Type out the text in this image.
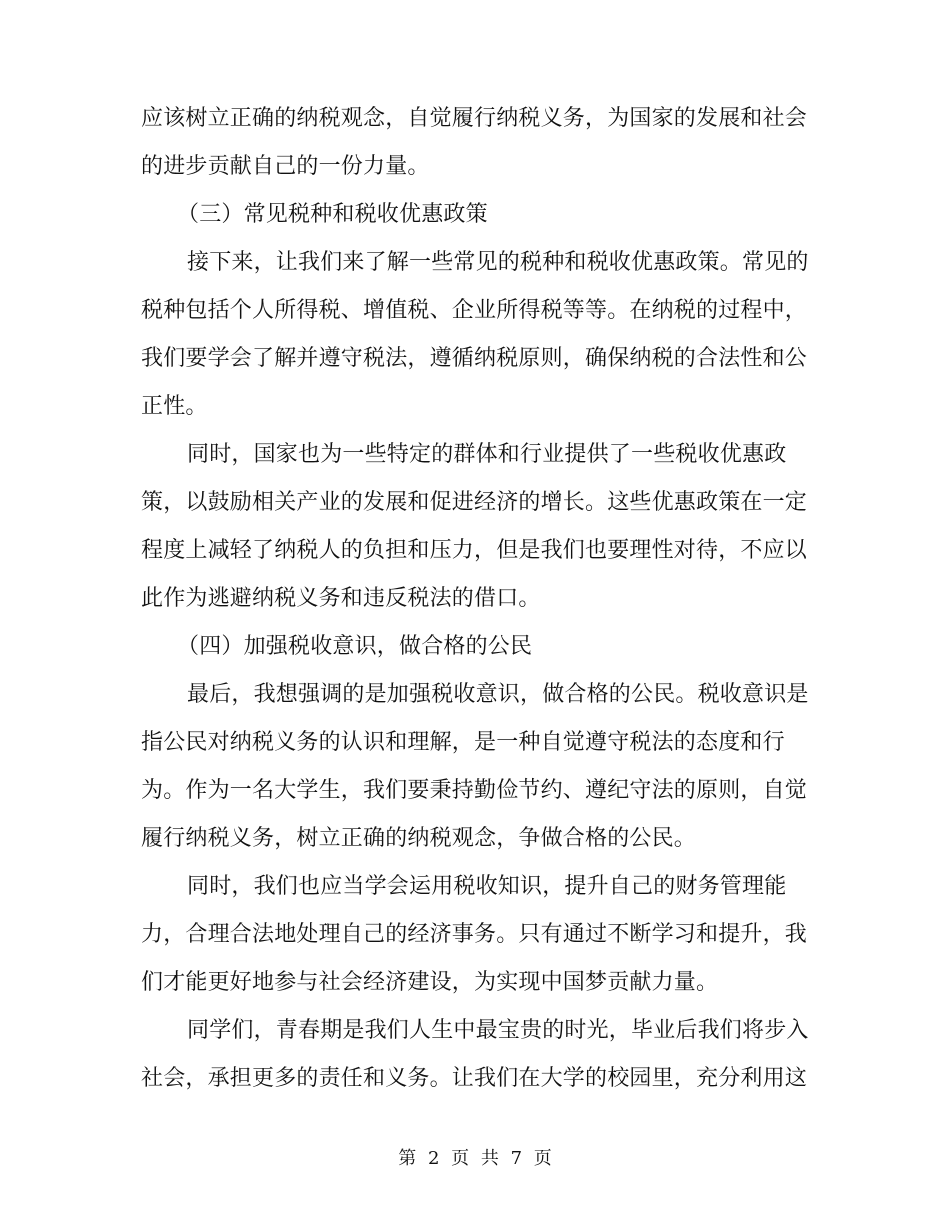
应该树立正确的纳税观念，自觉履行纳税义务，为国家的发展和社会
的进步贡献自己的一份力量。
（三）常见税种和税收优惠政策
接下来，让我们来了解一些常见的税种和税收优惠政策。常见的
税种包括个人所得税、增值税、企业所得税等等。在纳税的过程中，
我们要学会了解并遵守税法，遵循纳税原则，确保纳税的合法性和公
正性。
同时，国家也为一些特定的群体和行业提供了一些税收优惠政
策，以鼓励相关产业的发展和促进经济的增长。这些优惠政策在一定
程度上减轻了纳税人的负担和压力，但是我们也要理性对待，不应以
此作为逃避纳税义务和违反税法的借口。
（四）加强税收意识，做合格的公民
最后，我想强调的是加强税收意识，做合格的公民。税收意识是
指公民对纳税义务的认识和理解，是一种自觉遵守税法的态度和行
为。作为一名大学生，我们要秉持勤俭节约、遵纪守法的原则，自觉
履行纳税义务，树立正确的纳税观念，争做合格的公民。
同时，我们也应当学会运用税收知识，提升自己的财务管理能
力，合理合法地处理自己的经济事务。只有通过不断学习和提升，我
们才能更好地参与社会经济建设，为实现中国梦贡献力量。
同学们，青春期是我们人生中最宝贵的时光，毕业后我们将步入
社会，承担更多的责任和义务。让我们在大学的校园里，充分利用这
第 2 页 共 7 页
